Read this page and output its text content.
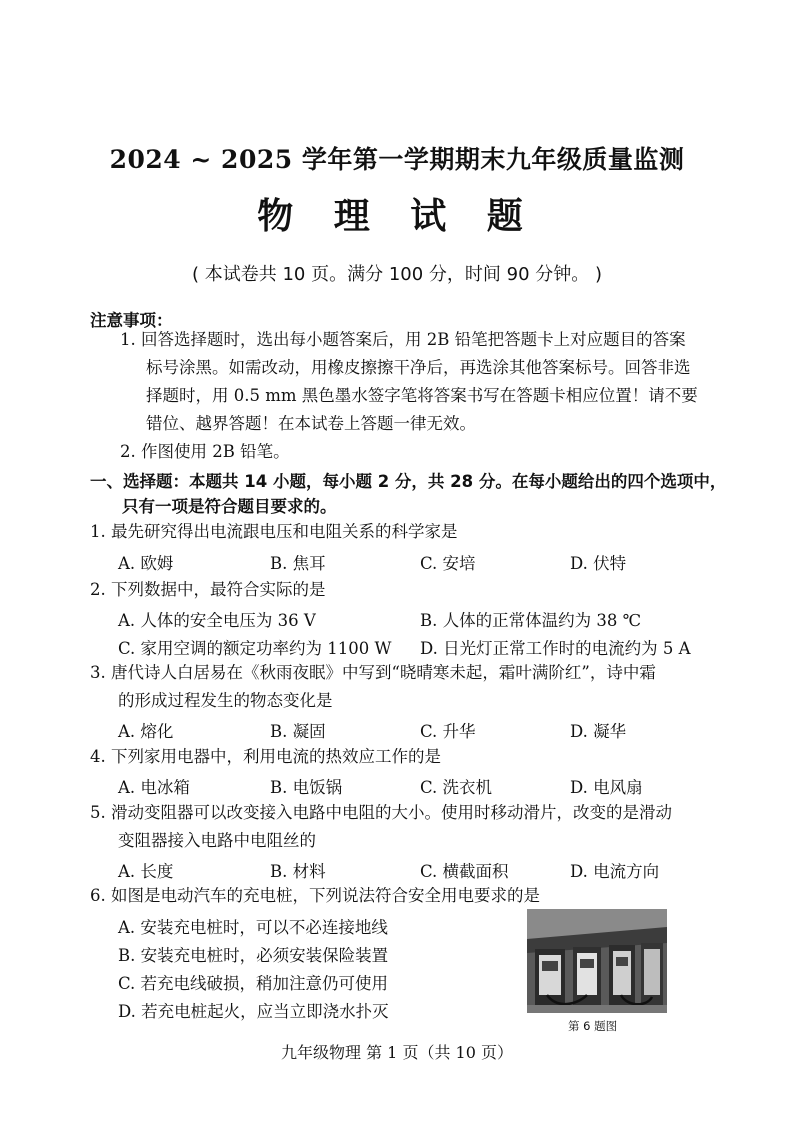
2024 ~ 2025 学年第一学期期末九年级质量监测
物 理 试 题
( 本试卷共 10 页。满分 100 分，时间 90 分钟。 )
注意事项：
1. 回答选择题时，选出每小题答案后，用 2B 铅笔把答题卡上对应题目的答案
标号涂黑。如需改动，用橡皮擦擦干净后，再选涂其他答案标号。回答非选
择题时，用 0.5 mm 黑色墨水签字笔将答案书写在答题卡相应位置！请不要
错位、越界答题！在本试卷上答题一律无效。
2. 作图使用 2B 铅笔。
一、选择题：本题共 14 小题，每小题 2 分，共 28 分。在每小题给出的四个选项中，
只有一项是符合题目要求的。
1. 最先研究得出电流跟电压和电阻关系的科学家是
A. 欧姆	B. 焦耳	C. 安培	D. 伏特
2. 下列数据中，最符合实际的是
A. 人体的安全电压为 36 V	B. 人体的正常体温约为 38 ℃
C. 家用空调的额定功率约为 1100 W D. 日光灯正常工作时的电流约为 5 A
3. 唐代诗人白居易在《秋雨夜眠》中写到“晓晴寒未起，霜叶满阶红”，诗中霜
的形成过程发生的物态变化是
A. 熔化	B. 凝固	C. 升华	D. 凝华
4. 下列家用电器中，利用电流的热效应工作的是
A. 电冰箱	B. 电饭锅	C. 洗衣机	D. 电风扇
5. 滑动变阻器可以改变接入电路中电阻的大小。使用时移动滑片，改变的是滑动
变阻器接入电路中电阻丝的
A. 长度	B. 材料	C. 横截面积	D. 电流方向
6. 如图是电动汽车的充电桩，下列说法符合安全用电要求的是
A. 安装充电桩时，可以不必连接地线
B. 安装充电桩时，必须安装保险装置
C. 若充电线破损，稍加注意仍可使用
D. 若充电桩起火，应当立即浇水扑灭
第 6 题图
九年级物理 第 1 页（共 10 页）
